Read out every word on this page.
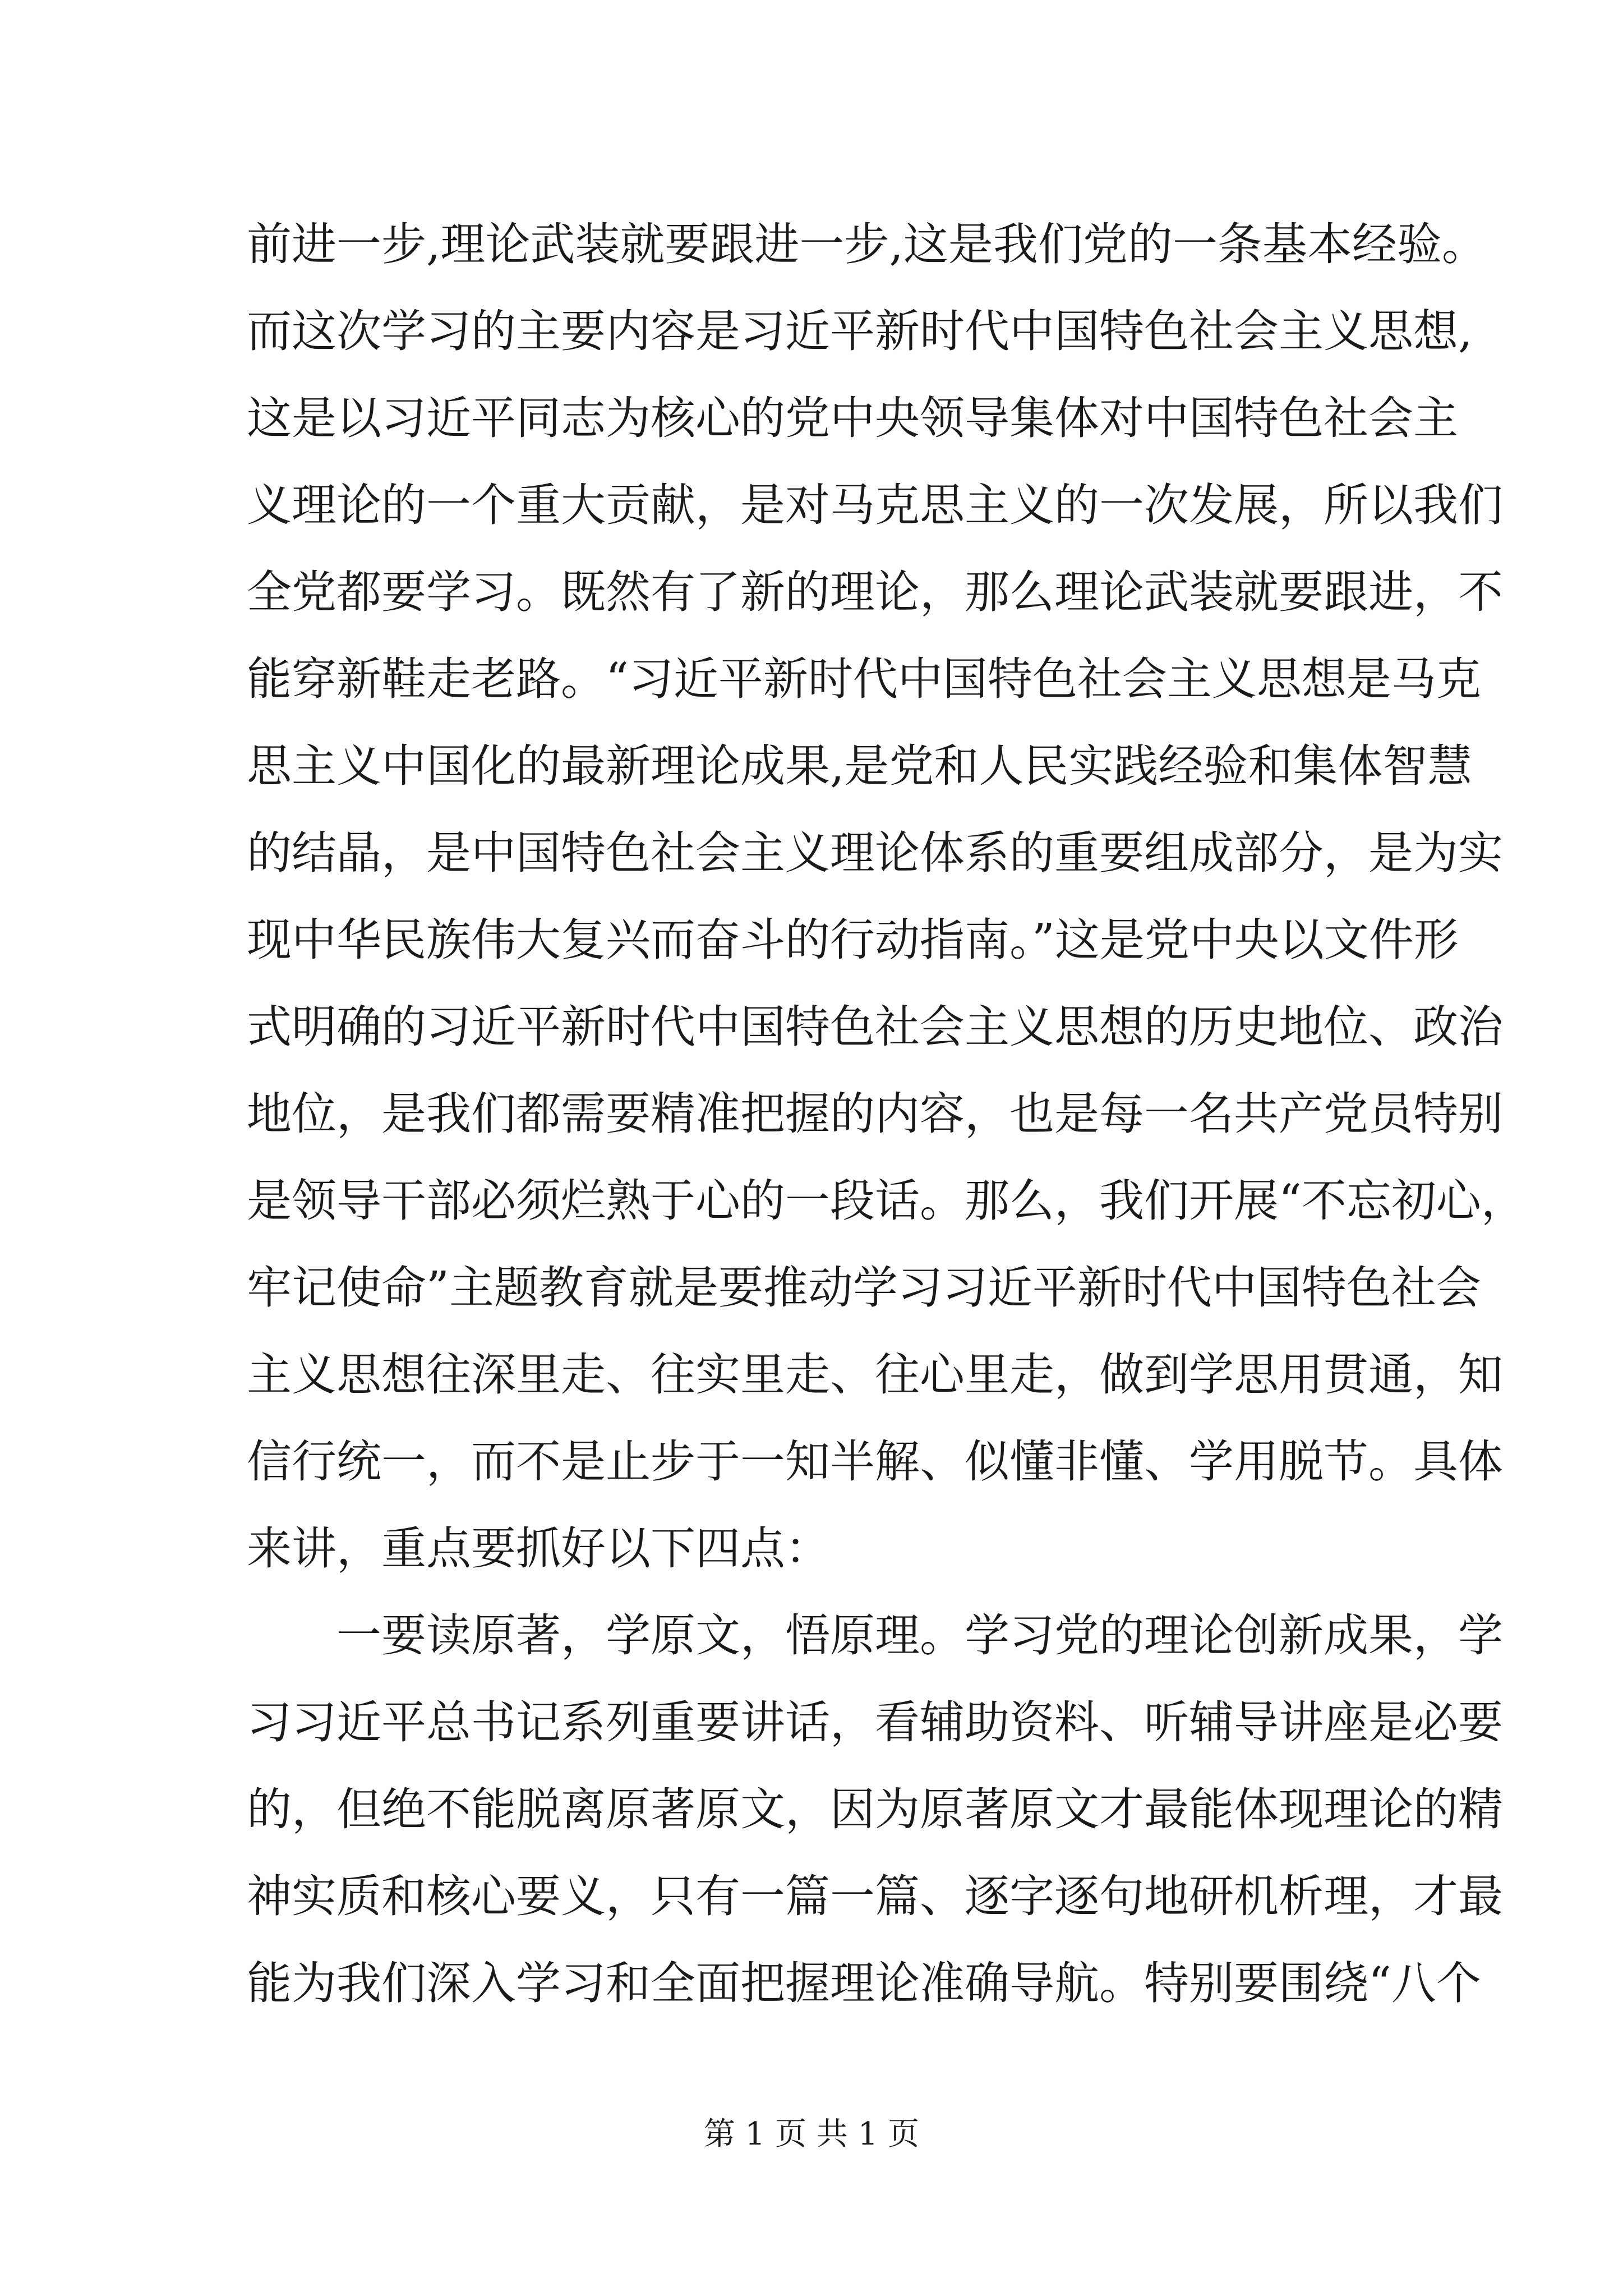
前进一步,理论武装就要跟进一步,这是我们党的一条基本经验。
而这次学习的主要内容是习近平新时代中国特色社会主义思想,
这是以习近平同志为核心的党中央领导集体对中国特色社会主
义理论的一个重大贡献，是对马克思主义的一次发展，所以我们
全党都要学习。既然有了新的理论，那么理论武装就要跟进，不
能穿新鞋走老路。“习近平新时代中国特色社会主义思想是马克
思主义中国化的最新理论成果,是党和人民实践经验和集体智慧
的结晶，是中国特色社会主义理论体系的重要组成部分，是为实
现中华民族伟大复兴而奋斗的行动指南。”这是党中央以文件形
式明确的习近平新时代中国特色社会主义思想的历史地位、政治
地位，是我们都需要精准把握的内容，也是每一名共产党员特别
是领导干部必须烂熟于心的一段话。那么，我们开展“不忘初心，
牢记使命”主题教育就是要推动学习习近平新时代中国特色社会
主义思想往深里走、往实里走、往心里走，做到学思用贯通，知
信行统一，而不是止步于一知半解、似懂非懂、学用脱节。具体
来讲，重点要抓好以下四点：
一要读原著，学原文，悟原理。学习党的理论创新成果，学
习习近平总书记系列重要讲话，看辅助资料、听辅导讲座是必要
的，但绝不能脱离原著原文，因为原著原文才最能体现理论的精
神实质和核心要义，只有一篇一篇、逐字逐句地研机析理，才最
能为我们深入学习和全面把握理论准确导航。特别要围绕“八个
第 1 页 共 1 页
